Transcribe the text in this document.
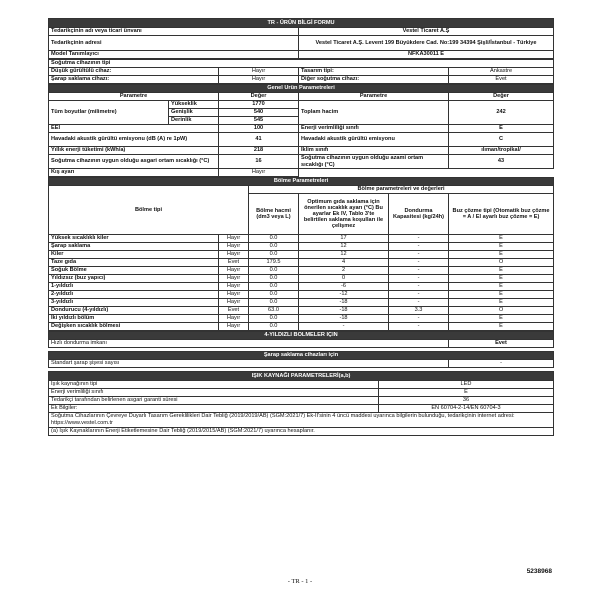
TR - ÜRÜN BİLGİ FORMU	
Tedarikçinin adı veya ticari ünvanı	Vestel Ticaret A.Ş
Tedarikçinin adresi	Vestel Ticaret A.Ş. Levent 199 Büyükdere Cad. No:199 34394 Şişli/İstanbul - Türkiye
Model Tanımlayıcı	NFKA30011 E
Soğutma cihazının tipi			
Düşük gürültülü cihaz:	Hayır	Tasarım tipi:	Ankastre
Şarap saklama cihazı:	Hayır	Diğer soğutma cihazı:	Evet
Genel Ürün Parametreleri				
Parametre		Değer	Parametre	Değer
Tüm boyutlar (milimetre)	Yükseklik	1770	Toplam hacim	242
	Genişlik	540		
	Derinlik	545		
EEI		100	Enerji verimliliği sınıfı	E
Havadaki akustik gürültü emisyonu (dB (A) re 1pW)		41	Havadaki akustik gürültü emisyonu	C
Yıllık enerji tüketimi (kWh/a)		218	İklim sınıfı	ılıman/tropikal/
Soğutma cihazının uygun olduğu asgari ortam sıcaklığı (°C)		16	Soğutma cihazının uygun olduğu azami ortam sıcaklığı (°C)	43
Kış ayarı		Hayır		
Bölme Parametreleri					
Bölme tipi		Bölme parametreleri ve değerleri			
		Bölme hacmi (dm3 veya L)	Optimum gıda saklama için önerilen sıcaklık ayarı (°C) Bu ayarlar Ek IV, Tablo 3'te belirtilen saklama koşulları ile çelişmez	Dondurma Kapasitesi (kg/24h)	Buz çözme tipi (Otomatik buz çözme = A / El ayarlı buz çözme = E)
Yüksek sıcaklıklı kiler	Hayır	0.0	17	-	E
Şarap saklama	Hayır	0.0	12	-	E
Kiler	Hayır	0.0	12	-	E
Taze gıda	Evet	179.5	4	-	O
Soğuk Bölme	Hayır	0.0	2	-	E
Yıldızsız (buz yapıcı)	Hayır	0.0	0	-	E
1-yıldızlı	Hayır	0.0	-6	-	E
2-yıldızlı	Hayır	0.0	-12	-	E
3-yıldızlı	Hayır	0.0	-18	-	E
Dondurucu (4-yıldızlı)	Evet	63.0	-18	3.3	O
İki yıldızlı bölüm	Hayır	0.0	-18	-	E
Değişken sıcaklık bölmesi	Hayır	0.0	-	-	E
4-YILDIZLI BÖLMELER İÇİN	
Hızlı dondurma imkanı	Evet

Şarap saklama cihazları için	
Standart şarap şişesi sayısı	-

IŞIK KAYNAĞI PARAMETRELERİ(a,b)	
Işık kaynağının tipi	LED
Enerji verimliliği sınıfı	E
Tedarikçi tarafından belirlenen asgari garanti süresi	36
Ek Bilgiler:	EN 60704-2-14/EN 60704-3
Soğutma Cihazlarının Çevreye Duyarlı Tasarım Gereklilikleri Dair Tebliğ (2019/2019/AB) (SGM:2021/7) Ek-II'sinin 4 üncü maddesi uyarınca bilgilerin bulunduğu, tedarikçinin internet adresi: https://www.vestel.com.tr	
(a) Işık Kaynaklarının Enerji Etiketlemesine Dair Tebliğ (2019/2015/AB) (SGM:2021/7) uyarınca hesaplanır.	
5238968
- TR - 1 -
